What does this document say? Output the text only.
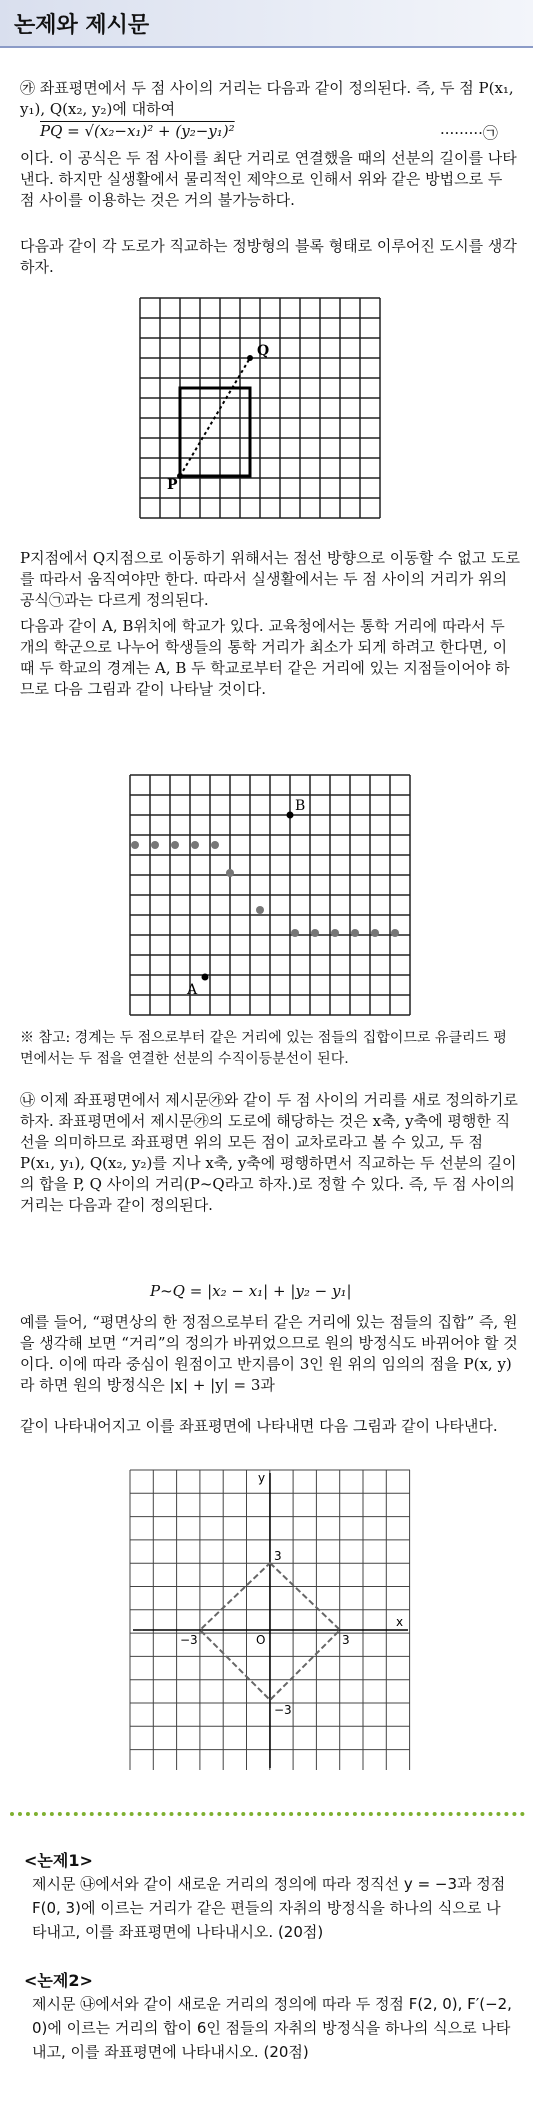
논제와 제시문
㉮ 좌표평면에서 두 점 사이의 거리는 다음과 같이 정의된다. 즉, 두 점 P(x₁, y₁), Q(x₂, y₂)에 대하여
PQ = √(x₂−x₁)² + (y₂−y₁)²	·········㉠
이다. 이 공식은 두 점 사이를 최단 거리로 연결했을 때의 선분의 길이를 나타낸다. 하지만 실생활에서 물리적인 제약으로 인해서 위와 같은 방법으로 두 점 사이를 이용하는 것은 거의 불가능하다.
다음과 같이 각 도로가 직교하는 정방형의 블록 형태로 이루어진 도시를 생각하자.
P
Q
P지점에서 Q지점으로 이동하기 위해서는 점선 방향으로 이동할 수 없고 도로를 따라서 움직여야만 한다. 따라서 실생활에서는 두 점 사이의 거리가 위의 공식㉠과는 다르게 정의된다.
다음과 같이 A, B위치에 학교가 있다. 교육청에서는 통학 거리에 따라서 두 개의 학군으로 나누어 학생들의 통학 거리가 최소가 되게 하려고 한다면, 이 때 두 학교의 경계는 A, B 두 학교로부터 같은 거리에 있는 지점들이어야 하므로 다음 그림과 같이 나타날 것이다.
A
B
※ 참고: 경계는 두 점으로부터 같은 거리에 있는 점들의 집합이므로 유클리드 평면에서는 두 점을 연결한 선분의 수직이등분선이 된다.
㉯ 이제 좌표평면에서 제시문㉮와 같이 두 점 사이의 거리를 새로 정의하기로 하자. 좌표평면에서 제시문㉮의 도로에 해당하는 것은 x축, y축에 평행한 직선을 의미하므로 좌표평면 위의 모든 점이 교차로라고 볼 수 있고, 두 점 P(x₁, y₁), Q(x₂, y₂)를 지나 x축, y축에 평행하면서 직교하는 두 선분의 길이의 합을 P, Q 사이의 거리(P~Q라고 하자.)로 정할 수 있다. 즉, 두 점 사이의 거리는 다음과 같이 정의된다.
P~Q = |x₂ − x₁| + |y₂ − y₁|
예를 들어, “평면상의 한 정점으로부터 같은 거리에 있는 점들의 집합” 즉, 원을 생각해 보면 “거리”의 정의가 바뀌었으므로 원의 방정식도 바뀌어야 할 것이다. 이에 따라 중심이 원점이고 반지름이 3인 원 위의 임의의 점을 P(x, y)라 하면 원의 방정식은 |x| + |y| = 3과
같이 나타내어지고 이를 좌표평면에 나타내면 다음 그림과 같이 나타낸다.
y
x
O
3
−3	3
−3
<논제1>
제시문 ㉯에서와 같이 새로운 거리의 정의에 따라 정직선 y = −3과 정점 F(0, 3)에 이르는 거리가 같은 편들의 자취의 방정식을 하나의 식으로 나타내고, 이를 좌표평면에 나타내시오. (20점)
<논제2>
제시문 ㉯에서와 같이 새로운 거리의 정의에 따라 두 정점 F(2, 0), F′(−2, 0)에 이르는 거리의 합이 6인 점들의 자취의 방정식을 하나의 식으로 나타내고, 이를 좌표평면에 나타내시오. (20점)
